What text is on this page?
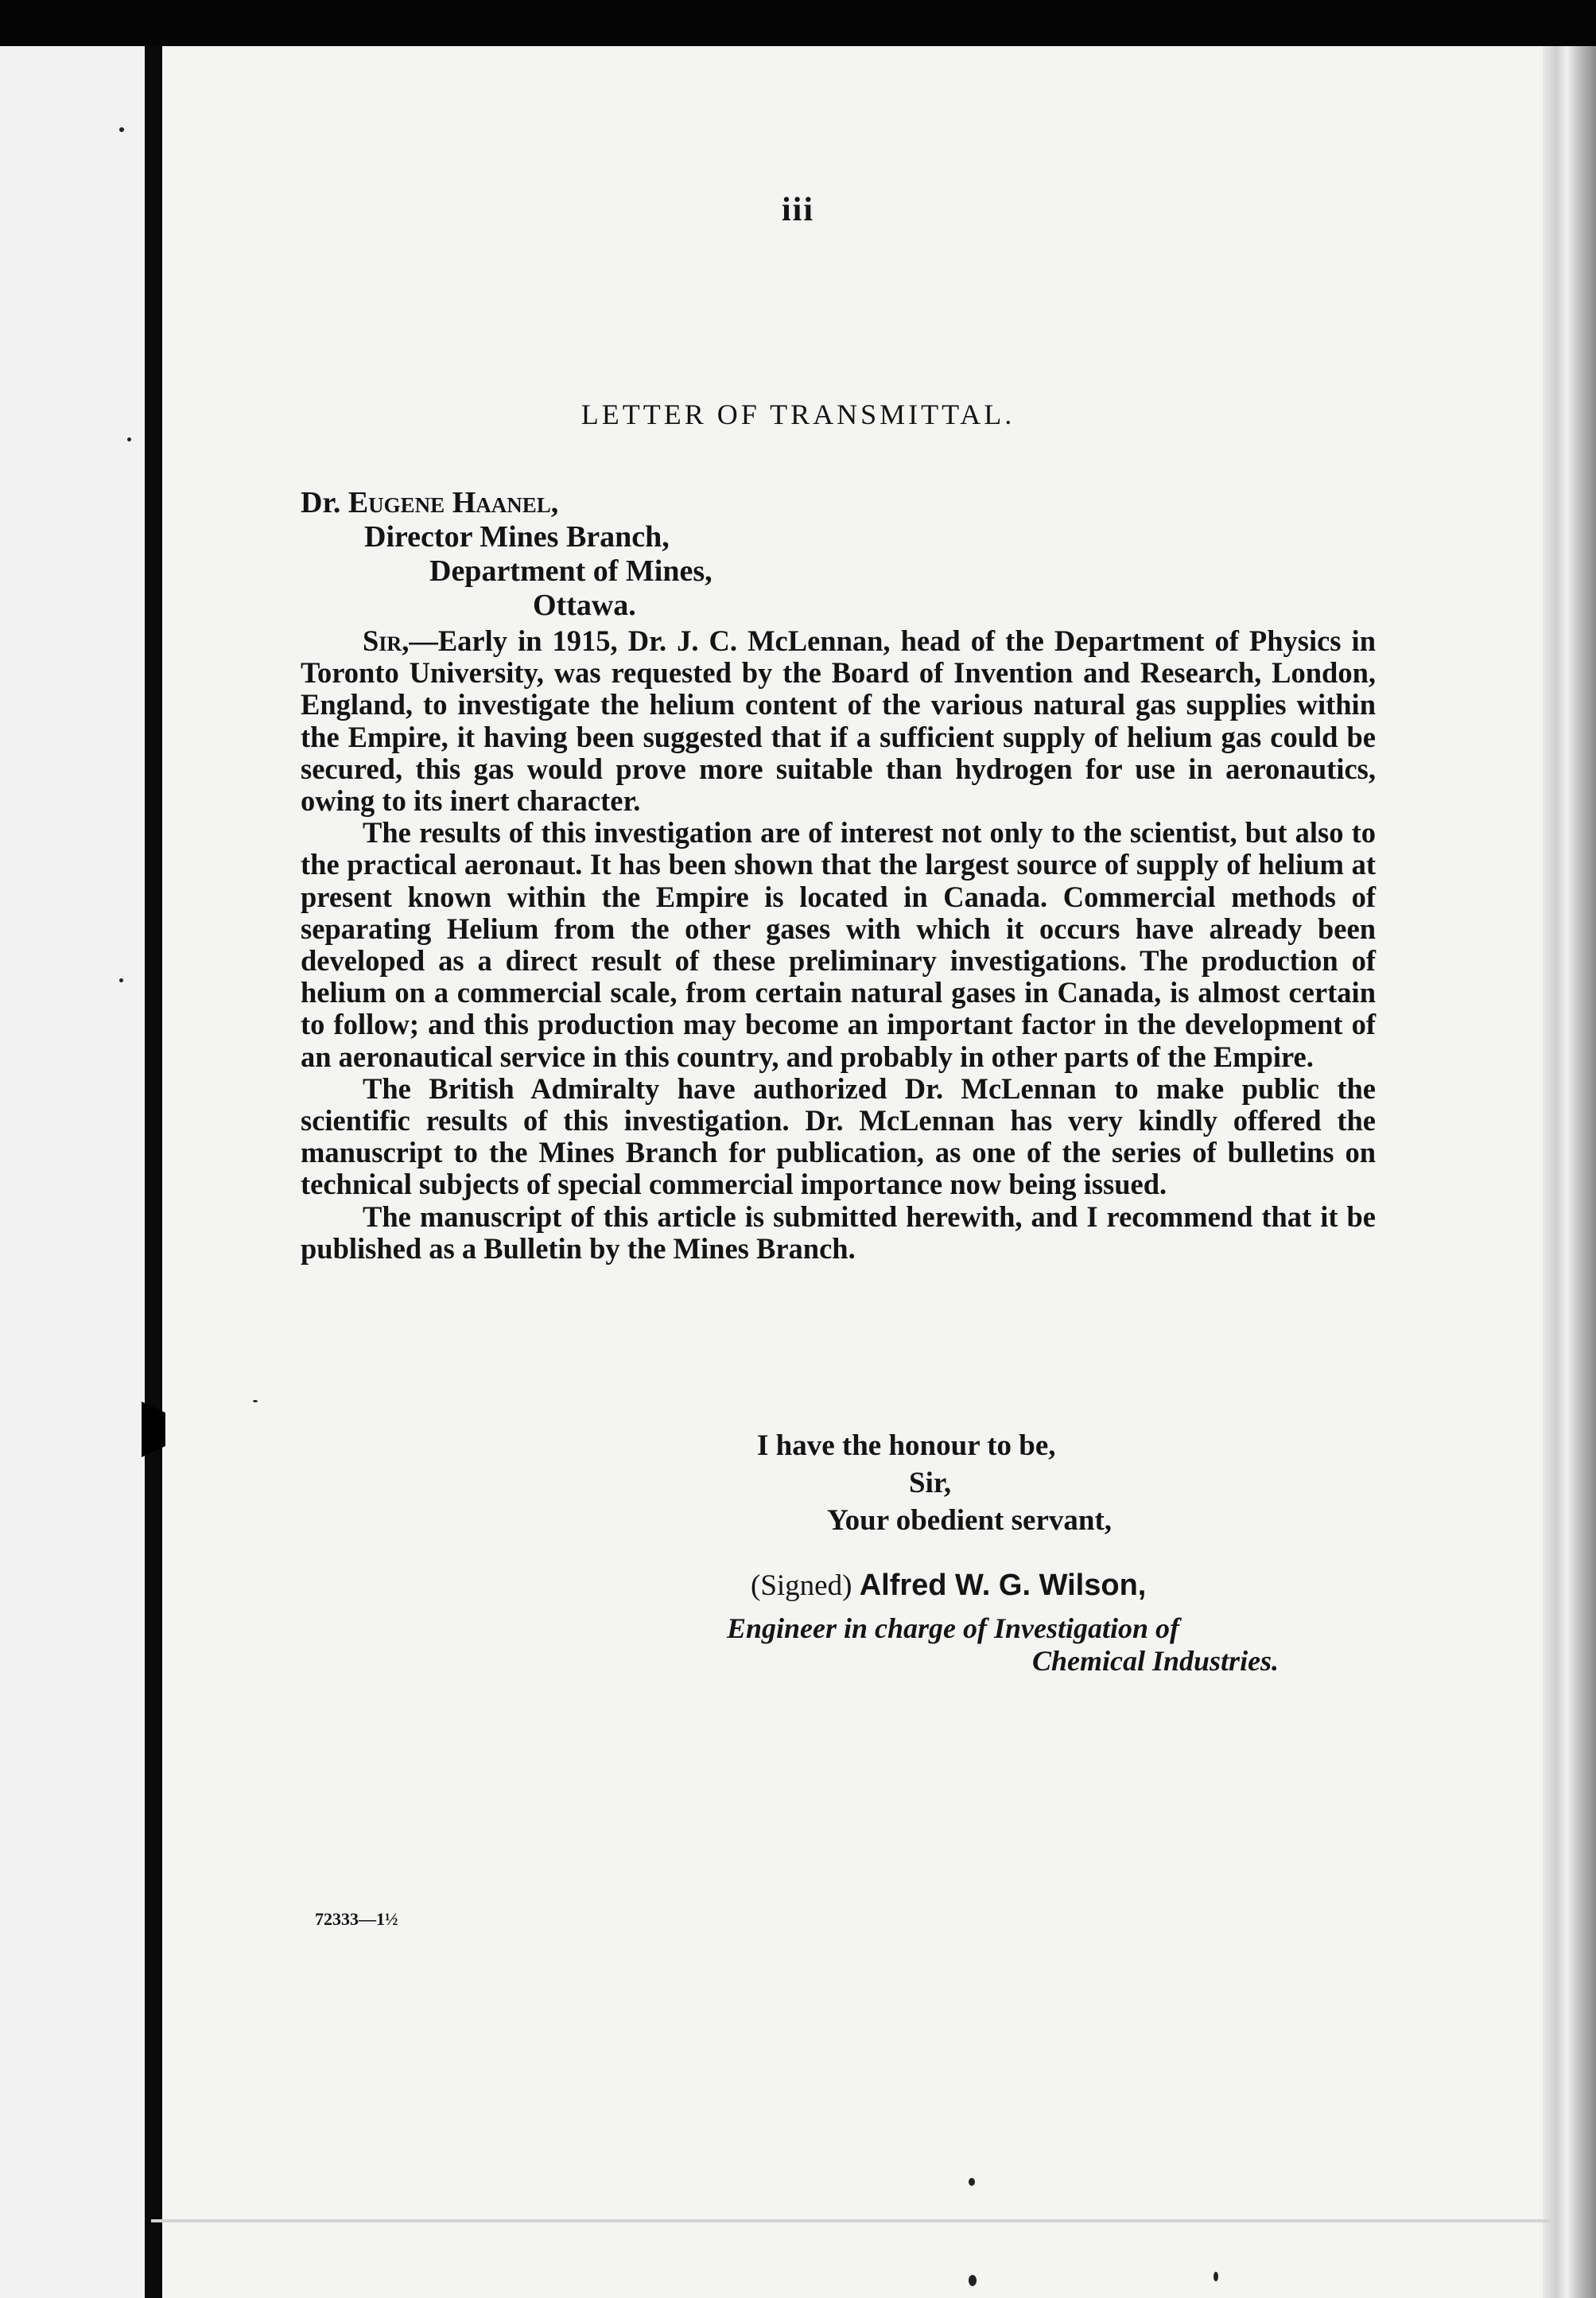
iii
LETTER OF TRANSMITTAL.
Dr. Eugene Haanel,
Director Mines Branch,
Department of Mines,
Ottawa.

Sir,—Early in 1915, Dr. J. C. McLennan, head of the Department of Physics in Toronto University, was requested by the Board of Invention and Research, London, England, to investigate the helium content of the various natural gas supplies within the Empire, it having been suggested that if a sufficient supply of helium gas could be secured, this gas would prove more suitable than hydrogen for use in aeronautics, owing to its inert character.

The results of this investigation are of interest not only to the scientist, but also to the practical aeronaut. It has been shown that the largest source of supply of helium at present known within the Empire is located in Canada. Commercial methods of separating Helium from the other gases with which it occurs have already been developed as a direct result of these preliminary investigations. The production of helium on a commercial scale, from certain natural gases in Canada, is almost certain to follow; and this production may become an important factor in the development of an aeronautical service in this country, and probably in other parts of the Empire.

The British Admiralty have authorized Dr. McLennan to make public the scientific results of this investigation. Dr. McLennan has very kindly offered the manuscript to the Mines Branch for publication, as one of the series of bulletins on technical subjects of special commercial importance now being issued.

The manuscript of this article is submitted herewith, and I recommend that it be published as a Bulletin by the Mines Branch.

I have the honour to be,
Sir,
Your obedient servant,
(Signed) Alfred W. G. Wilson,
Engineer in charge of Investigation of
Chemical Industries.
72333—1½
